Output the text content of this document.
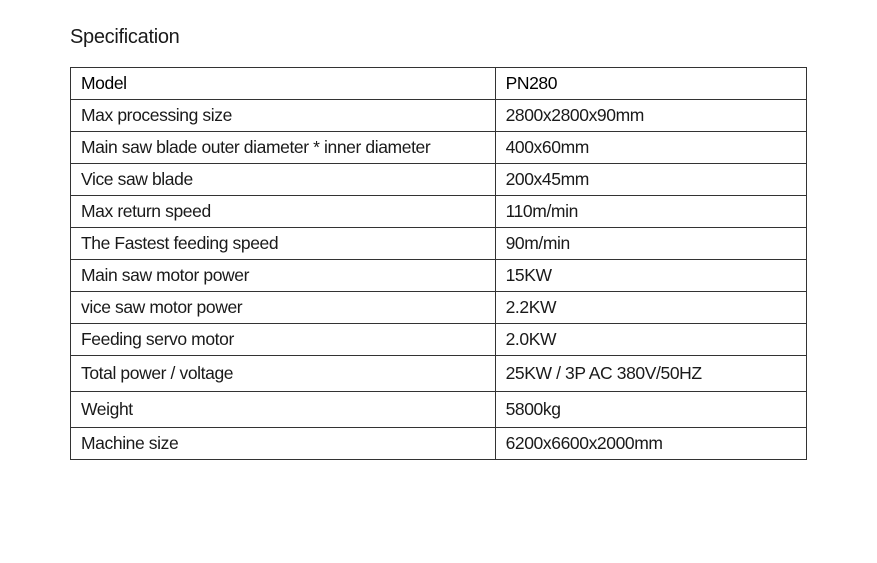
Specification
Model	PN280
Max processing size	2800x2800x90mm
Main saw blade outer diameter * inner diameter	400x60mm
Vice saw blade	200x45mm
Max return speed	110m/min
The Fastest feeding speed	90m/min
Main saw motor power	15KW
vice saw motor power	2.2KW
Feeding servo motor	2.0KW
Total power / voltage	25KW / 3P AC 380V/50HZ
Weight	5800kg
Machine size	6200x6600x2000mm
